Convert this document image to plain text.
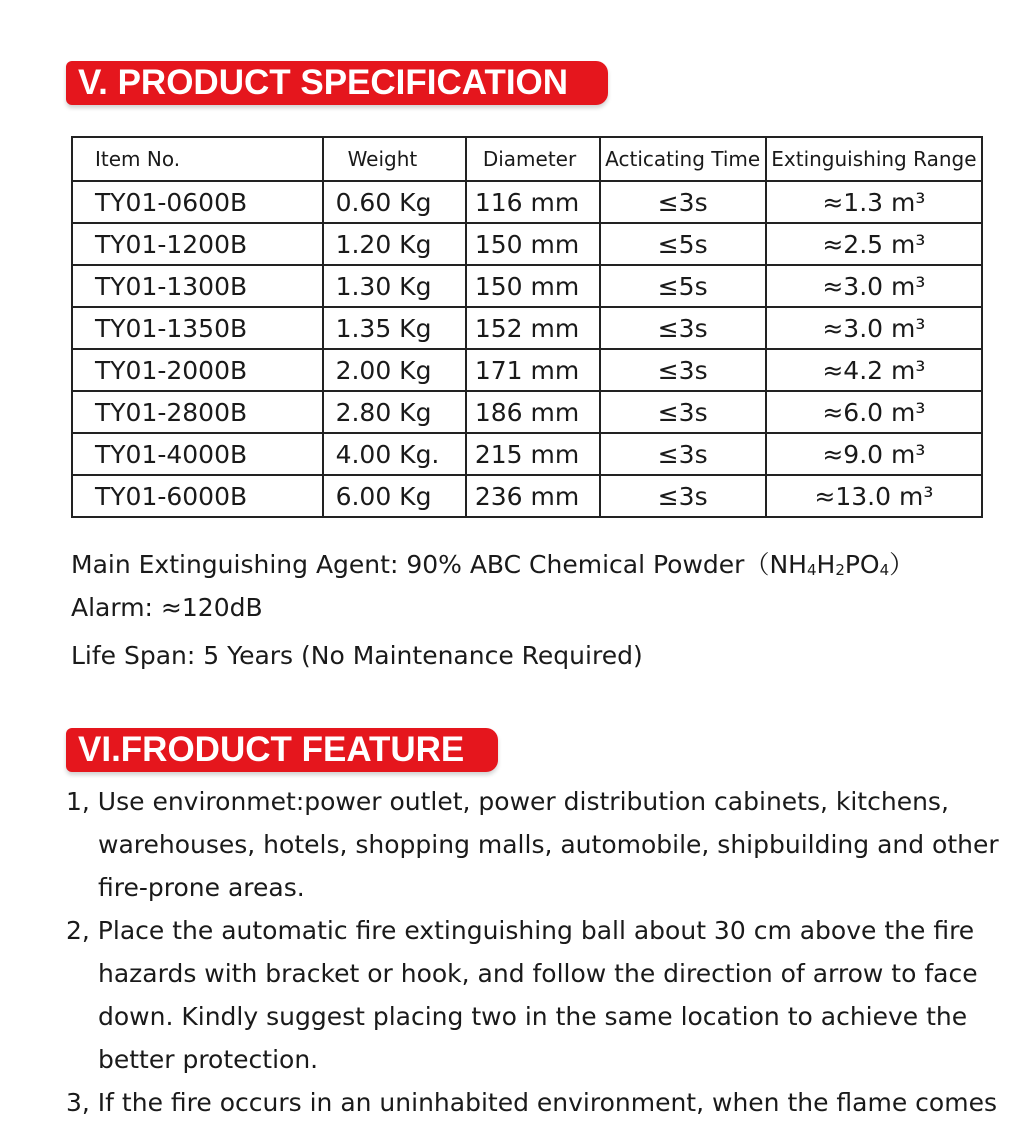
V. PRODUCT SPECIFICATION
Item No.	Weight	Diameter	Acticating Time	Extinguishing Range
TY01-0600B	0.60 Kg	116 mm	≤3s	≈1.3 m³
TY01-1200B	1.20 Kg	150 mm	≤5s	≈2.5 m³
TY01-1300B	1.30 Kg	150 mm	≤5s	≈3.0 m³
TY01-1350B	1.35 Kg	152 mm	≤3s	≈3.0 m³
TY01-2000B	2.00 Kg	171 mm	≤3s	≈4.2 m³
TY01-2800B	2.80 Kg	186 mm	≤3s	≈6.0 m³
TY01-4000B	4.00 Kg.	215 mm	≤3s	≈9.0 m³
TY01-6000B	6.00 Kg	236 mm	≤3s	≈13.0 m³
Main Extinguishing Agent: 90% ABC Chemical $Powder(NH_4H_2PO_4)$
Alarm: ≈120dB
Life Span: 5 Years (No Maintenance Required)
VI.FRODUCT FEATURE
1, Use environmet:power outlet, power distribution cabinets, kitchens, warehouses, hotels, shopping malls, automobile, shipbuilding and other fire-prone areas.
2, Place the automatic fire extinguishing ball about 30 cm above the fire hazards with bracket or hook, and follow the direction of arrow to face down. Kindly suggest placing two in the same location to achieve the better protection.
3, If the fire occurs in an uninhabited environment, when the flame comes
